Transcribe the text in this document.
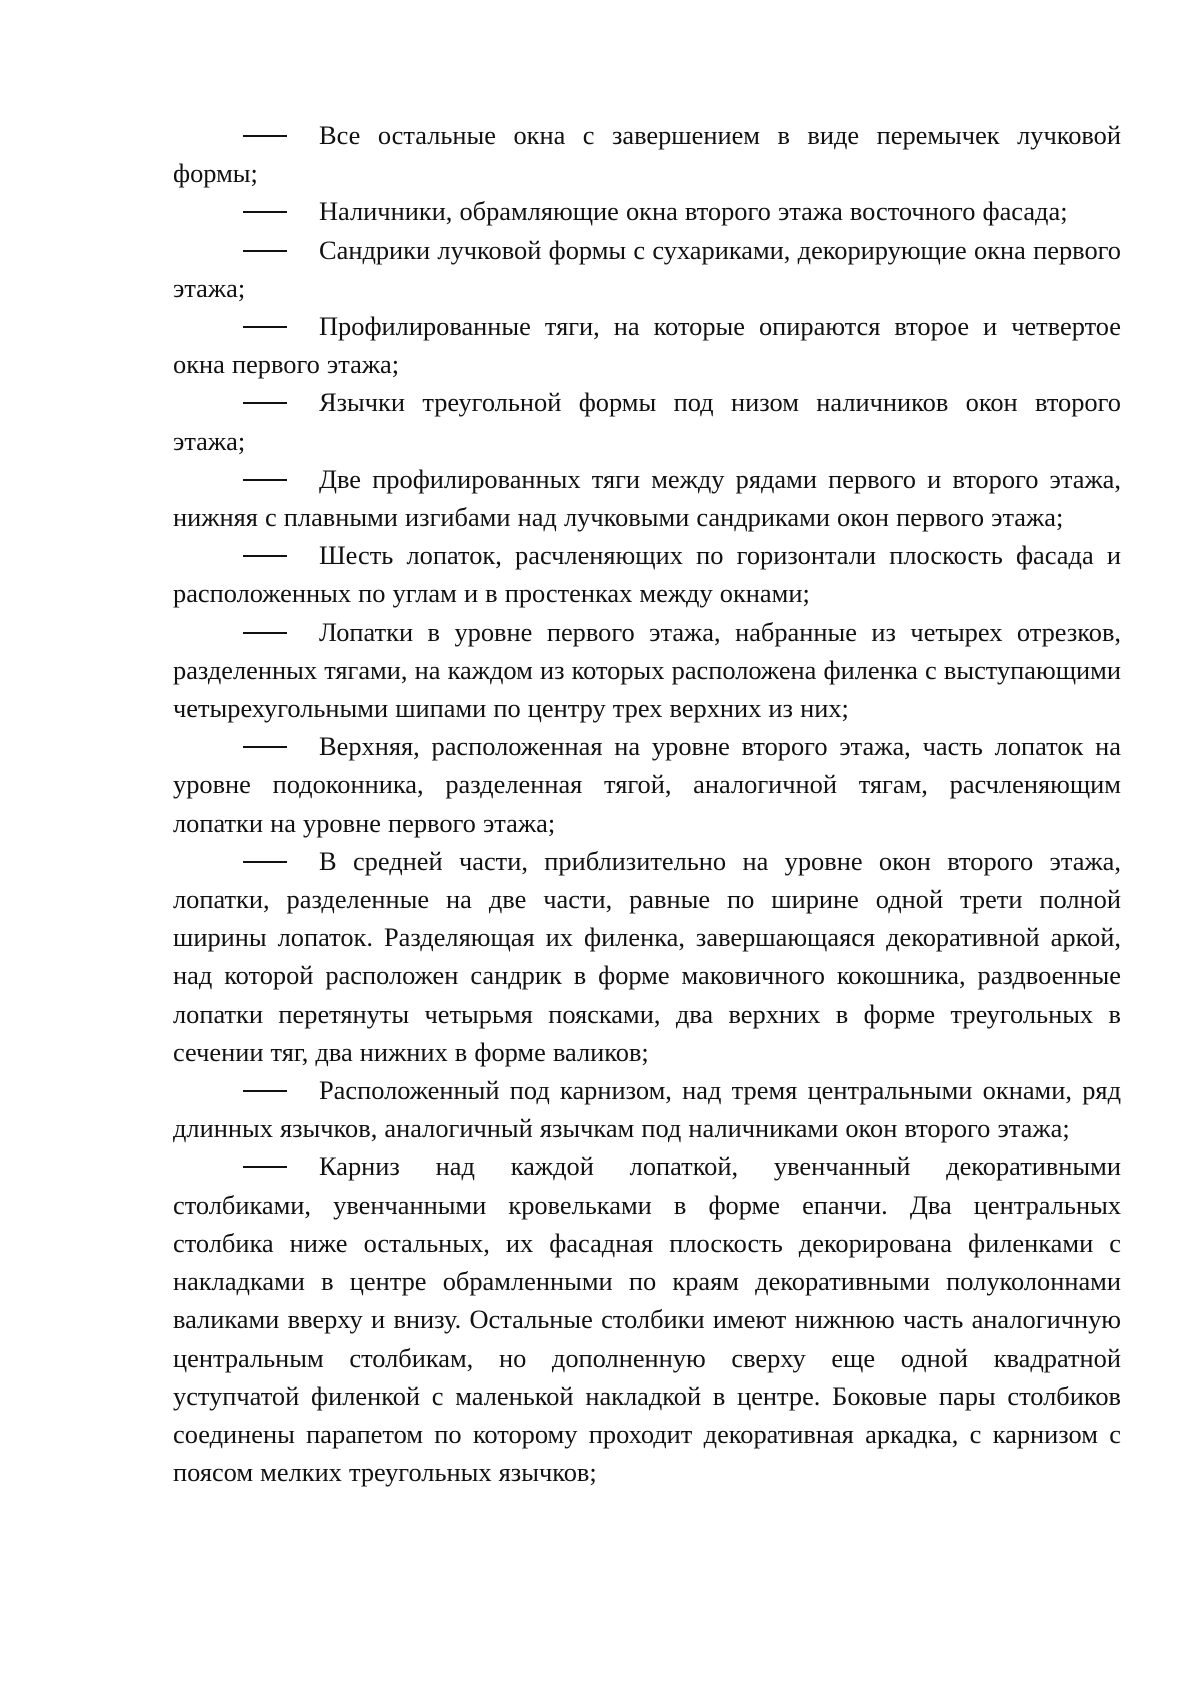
Все остальные окна с завершением в виде перемычек лучковой формы;

Наличники, обрамляющие окна второго этажа восточного фасада;

Сандрики лучковой формы с сухариками, декорирующие окна первого этажа;

Профилированные тяги, на которые опираются второе и четвертое окна первого этажа;

Язычки треугольной формы под низом наличников окон второго этажа;

Две профилированных тяги между рядами первого и второго этажа, нижняя с плавными изгибами над лучковыми сандриками окон первого этажа;

Шесть лопаток, расчленяющих по горизонтали плоскость фасада и расположенных по углам и в простенках между окнами;

Лопатки в уровне первого этажа, набранные из четырех отрезков, разделенных тягами, на каждом из которых расположена филенка с выступающими четырехугольными шипами по центру трех верхних из них;

Верхняя, расположенная на уровне второго этажа, часть лопаток на уровне подоконника, разделенная тягой, аналогичной тягам, расчленяющим лопатки на уровне первого этажа;

В средней части, приблизительно на уровне окон второго этажа, лопатки, разделенные на две части, равные по ширине одной трети полной ширины лопаток. Разделяющая их филенка, завершающаяся декоративной аркой, над которой расположен сандрик в форме маковичного кокошника, раздвоенные лопатки перетянуты четырьмя поясками, два верхних в форме треугольных в сечении тяг, два нижних в форме валиков;

Расположенный под карнизом, над тремя центральными окнами, ряд длинных язычков, аналогичный язычкам под наличниками окон второго этажа;

Карниз над каждой лопаткой, увенчанный декоративными столбиками, увенчанными кровельками в форме епанчи. Два центральных столбика ниже остальных, их фасадная плоскость декорирована филенками с накладками в центре обрамленными по краям декоративными полуколоннами валиками вверху и внизу. Остальные столбики имеют нижнюю часть аналогичную центральным столбикам, но дополненную сверху еще одной квадратной уступчатой филенкой с маленькой накладкой в центре. Боковые пары столбиков соединены парапетом по которому проходит декоративная аркадка, с карнизом с поясом мелких треугольных язычков;
